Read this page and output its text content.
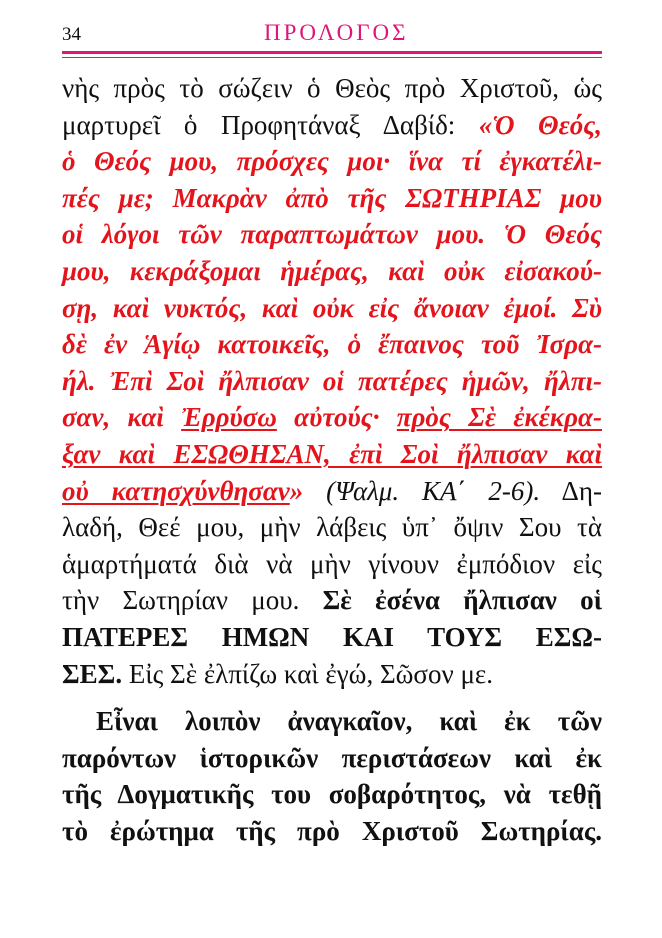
34	ΠΡΟΛΟΓΟΣ
νὴς πρὸς τὸ σώζειν ὁ Θεὸς πρὸ Χριστοῦ, ὡς
μαρτυρεῖ ὁ Προφητάναξ Δαβίδ: «Ὁ Θεός,
ὁ Θεός μου, πρόσχες μοι· ἵνα τί ἐγκατέλι-
πές με; Μακρὰν ἀπὸ τῆς ΣΩΤΗΡΙΑΣ μου
οἱ λόγοι τῶν παραπτωμάτων μου. Ὁ Θεός
μου, κεκράξομαι ἡμέρας, καὶ οὐκ εἰσακού-
σῃ, καὶ νυκτός, καὶ οὐκ εἰς ἄνοιαν ἐμοί. Σὺ
δὲ ἐν Ἁγίῳ κατοικεῖς, ὁ ἔπαινος τοῦ Ἰσρα-
ήλ. Ἐπὶ Σοὶ ἤλπισαν οἱ πατέρες ἡμῶν, ἤλπι-
σαν, καὶ Ἐρρύσω αὐτούς· πρὸς Σὲ ἐκέκρα-
ξαν καὶ ΕΣΩΘΗΣΑΝ, ἐπὶ Σοὶ ἤλπισαν καὶ
οὐ κατησχύνθησαν» (Ψαλμ. ΚΑ΄ 2-6). Δη-
λαδή, Θεέ μου, μὴν λάβεις ὑπ᾽ ὄψιν Σου τὰ
ἁμαρτήματά διὰ νὰ μὴν γίνουν ἐμπόδιον εἰς
τὴν Σωτηρίαν μου. Σὲ ἐσένα ἤλπισαν οἱ
ΠΑΤΕΡΕΣ ΗΜΩΝ ΚΑΙ ΤΟΥΣ ΕΣΩ-
ΣΕΣ. Εἰς Σὲ ἐλπίζω καὶ ἐγώ, Σῶσον με.
Εἶναι λοιπὸν ἀναγκαῖον, καὶ ἐκ τῶν
παρόντων ἱστορικῶν περιστάσεων καὶ ἐκ
τῆς Δογματικῆς του σοβαρότητος, νὰ τεθῇ
τὸ ἐρώτημα τῆς πρὸ Χριστοῦ Σωτηρίας.
